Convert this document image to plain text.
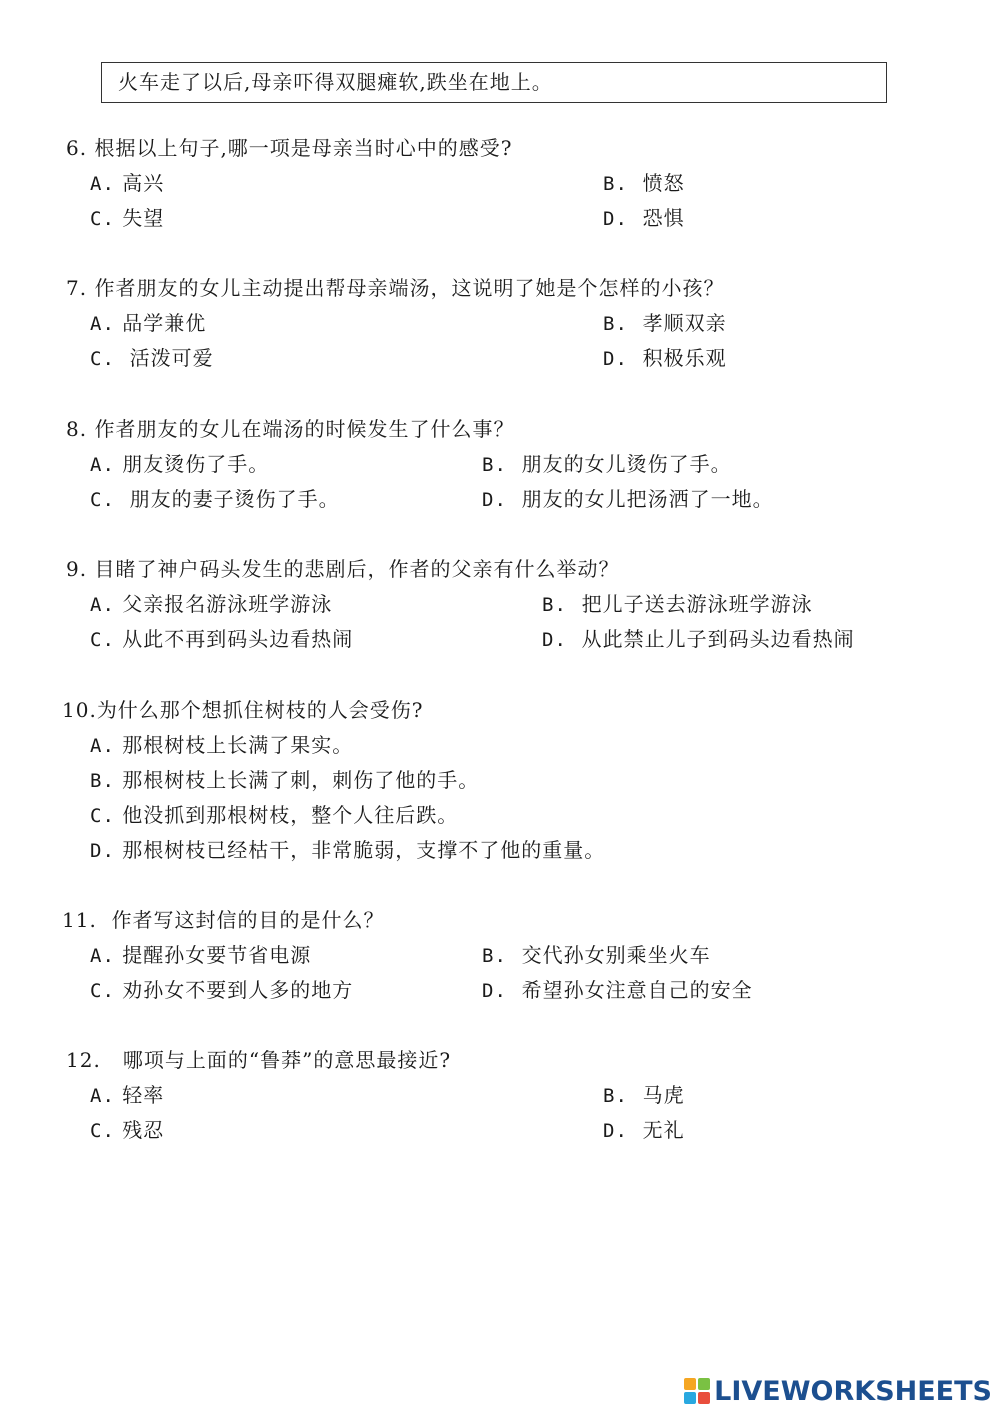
火车走了以后,母亲吓得双腿瘫软,跌坐在地上。
6. 根据以上句子,哪一项是母亲当时心中的感受?
A. 高兴	B. 愤怒
C. 失望	D. 恐惧
7. 作者朋友的女儿主动提出帮母亲端汤，这说明了她是个怎样的小孩？
A. 品学兼优	B. 孝顺双亲
C. 活泼可爱	D. 积极乐观
8. 作者朋友的女儿在端汤的时候发生了什么事？
A. 朋友烫伤了手。	B. 朋友的女儿烫伤了手。
C. 朋友的妻子烫伤了手。	D. 朋友的女儿把汤洒了一地。
9. 目睹了神户码头发生的悲剧后，作者的父亲有什么举动？
A. 父亲报名游泳班学游泳	B. 把儿子送去游泳班学游泳
C. 从此不再到码头边看热闹	D. 从此禁止儿子到码头边看热闹
10.为什么那个想抓住树枝的人会受伤?
A. 那根树枝上长满了果实。
B. 那根树枝上长满了刺，刺伤了他的手。
C. 他没抓到那根树枝，整个人往后跌。
D. 那根树枝已经枯干，非常脆弱，支撑不了他的重量。
11. 作者写这封信的目的是什么？
A. 提醒孙女要节省电源	B. 交代孙女别乘坐火车
C. 劝孙女不要到人多的地方	D. 希望孙女注意自己的安全
12. 哪项与上面的“鲁莽”的意思最接近?
A. 轻率	B. 马虎
C. 残忍	D. 无礼
LIVEWORKSHEETS
